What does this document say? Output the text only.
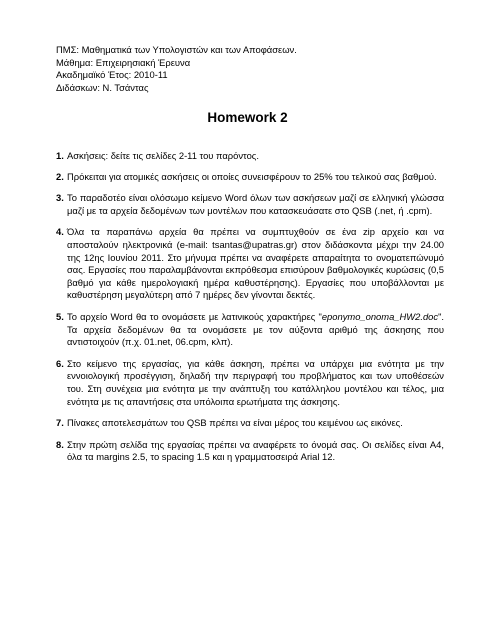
ΠΜΣ: Μαθηματικά των Υπολογιστών και των Αποφάσεων.
Μάθημα: Επιχειρησιακή Έρευνα
Ακαδημαϊκό Έτος: 2010-11
Διδάσκων: Ν. Τσάντας
Homework 2
1. Ασκήσεις: δείτε τις σελίδες 2-11 του παρόντος.
2. Πρόκειται για ατομικές ασκήσεις οι οποίες συνεισφέρουν το 25% του τελικού σας βαθμού.
3. Το παραδοτέο είναι ολόσωμο κείμενο Word όλων των ασκήσεων μαζί σε ελληνική γλώσσα μαζί με τα αρχεία δεδομένων των μοντέλων που κατασκευάσατε στο QSB (.net, ή .cpm).
4. Όλα τα παραπάνω αρχεία θα πρέπει να συμπτυχθούν σε ένα zip αρχείο και να αποσταλούν ηλεκτρονικά (e-mail: tsantas@upatras.gr) στον διδάσκοντα μέχρι την 24.00 της 12ης Ιουνίου 2011. Στο μήνυμα πρέπει να αναφέρετε απαραίτητα το ονοματεπώνυμό σας. Εργασίες που παραλαμβάνονται εκπρόθεσμα επισύρουν βαθμολογικές κυρώσεις (0,5 βαθμό για κάθε ημερολογιακή ημέρα καθυστέρησης). Εργασίες που υποβάλλονται με καθυστέρηση μεγαλύτερη από 7 ημέρες δεν γίνονται δεκτές.
5. Το αρχείο Word θα το ονομάσετε με λατινικούς χαρακτήρες "eponymo_onoma_HW2.doc". Τα αρχεία δεδομένων θα τα ονομάσετε με τον αύξοντα αριθμό της άσκησης που αντιστοιχούν (π.χ. 01.net, 06.cpm, κλπ).
6. Στο κείμενο της εργασίας, για κάθε άσκηση, πρέπει να υπάρχει μια ενότητα με την εννοιολογική προσέγγιση, δηλαδή την περιγραφή του προβλήματος και των υποθέσεών του. Στη συνέχεια μια ενότητα με την ανάπτυξη του κατάλληλου μοντέλου και τέλος, μια ενότητα με τις απαντήσεις στα υπόλοιπα ερωτήματα της άσκησης.
7. Πίνακες αποτελεσμάτων του QSB πρέπει να είναι μέρος του κειμένου ως εικόνες.
8. Στην πρώτη σελίδα της εργασίας πρέπει να αναφέρετε το όνομά σας. Οι σελίδες είναι A4, όλα τα margins 2.5, το spacing 1.5 και η γραμματοσειρά Arial 12.
